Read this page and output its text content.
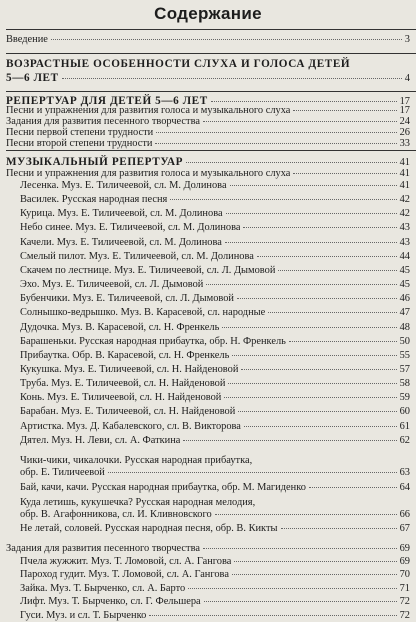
Содержание
Введение	3
ВОЗРАСТНЫЕ ОСОБЕННОСТИ СЛУХА И ГОЛОСА ДЕТЕЙ
5—6 ЛЕТ	4
РЕПЕРТУАР ДЛЯ ДЕТЕЙ 5—6 ЛЕТ	17
Песни и упражнения для развития голоса и музыкального слуха	17
Задания для развития песенного творчества	24
Песни первой степени трудности	26
Песни второй степени трудности	33
МУЗЫКАЛЬНЫЙ РЕПЕРТУАР	41
Песни и упражнения для развития голоса и музыкального слуха	41
Лесенка. Муз. Е. Тиличеевой, сл. М. Долинова	41
Василек. Русская народная песня	42
Курица. Муз. Е. Тиличеевой, сл. М. Долинова	42
Небо синее. Муз. Е. Тиличеевой, сл. М. Долинова	43
Качели. Муз. Е. Тиличеевой, сл. М. Долинова	43
Смелый пилот. Муз. Е. Тиличеевой, сл. М. Долинова	44
Скачем по лестнице. Муз. Е. Тиличеевой, сл. Л. Дымовой	45
Эхо. Муз. Е. Тиличеевой, сл. Л. Дымовой	45
Бубенчики. Муз. Е. Тиличеевой, сл. Л. Дымовой	46
Солнышко-ведрышко. Муз. В. Карасевой, сл. народные	47
Дудочка. Муз. В. Карасевой, сл. Н. Френкель	48
Барашеньки. Русская народная прибаутка, обр. Н. Френкель	50
Прибаутка. Обр. В. Карасевой, сл. Н. Френкель	55
Кукушка. Муз. Е. Тиличеевой, сл. Н. Найденовой	57
Труба. Муз. Е. Тиличеевой, сл. Н. Найденовой	58
Конь. Муз. Е. Тиличеевой, сл. Н. Найденовой	59
Барабан. Муз. Е. Тиличеевой, сл. Н. Найденовой	60
Артистка. Муз. Д. Кабалевского, сл. В. Викторова	61
Дятел. Муз. Н. Леви, сл. А. Фаткина	62
Чики-чики, чикалочки. Русская народная прибаутка,
обр. Е. Тиличеевой	63
Бай, качи, качи. Русская народная прибаутка, обр. М. Магиденко	64
Куда летишь, кукушечка? Русская народная мелодия,
обр. В. Агафонникова, сл. И. Кливновского	66
Не летай, соловей. Русская народная песня, обр. В. Кикты	67
Задания для развития песенного творчества	69
Пчела жужжит. Муз. Т. Ломовой, сл. А. Гангова	69
Пароход гудит. Муз. Т. Ломовой, сл. А. Гангова	70
Зайка. Муз. Т. Бырченко, сл. А. Барто	71
Лифт. Муз. Т. Бырченко, сл. Г. Фельшера	72
Гуси. Муз. и сл. Т. Бырченко	72
